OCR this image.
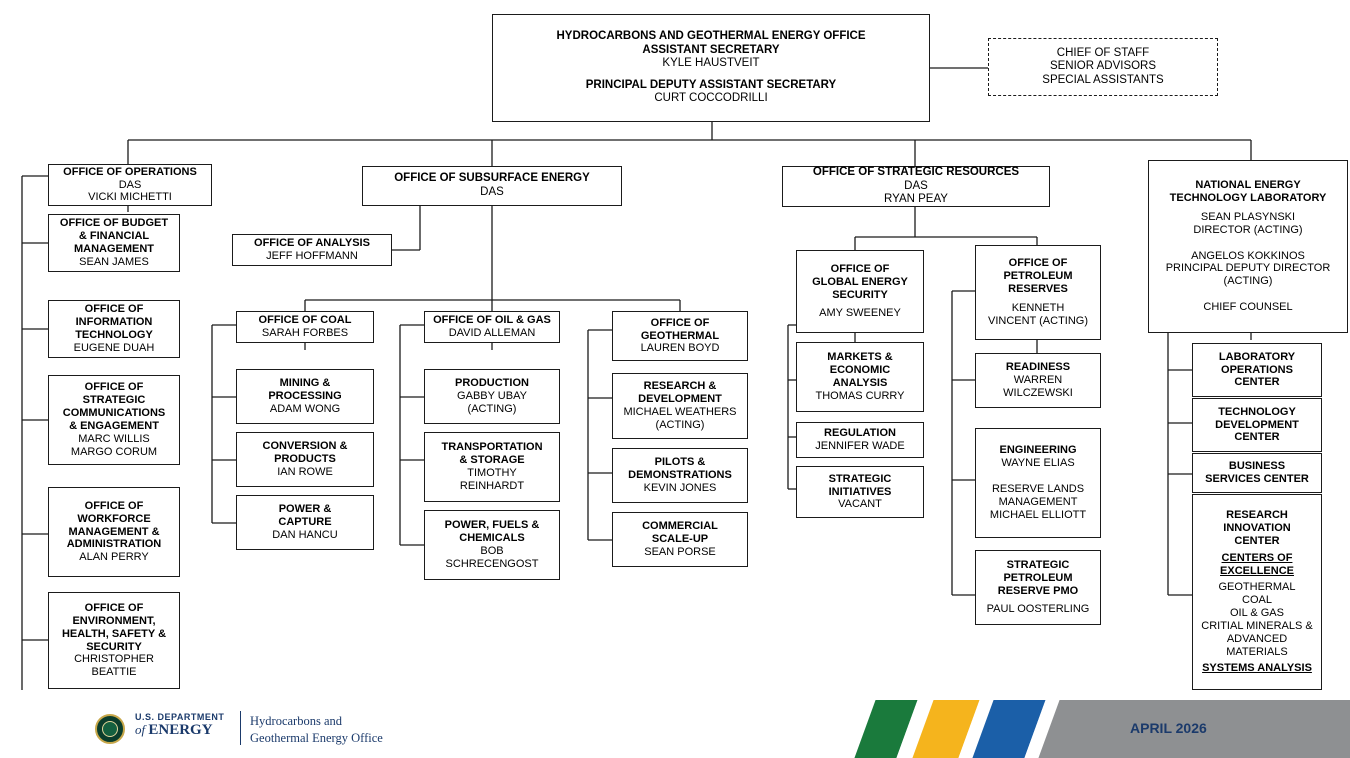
HYDROCARBONS AND GEOTHERMAL ENERGY OFFICE
ASSISTANT SECRETARY
KYLE HAUSTVEIT
PRINCIPAL DEPUTY ASSISTANT SECRETARY
CURT COCCODRILLI
CHIEF OF STAFF
SENIOR ADVISORS
SPECIAL ASSISTANTS
OFFICE OF OPERATIONS
DAS
VICKI MICHETTI
OFFICE OF BUDGET
& FINANCIAL
MANAGEMENT
SEAN JAMES
OFFICE OF
INFORMATION
TECHNOLOGY
EUGENE DUAH
OFFICE OF
STRATEGIC
COMMUNICATIONS
& ENGAGEMENT
MARC WILLIS
MARGO CORUM
OFFICE OF
WORKFORCE
MANAGEMENT &
ADMINISTRATION
ALAN PERRY
OFFICE OF
ENVIRONMENT,
HEALTH, SAFETY &
SECURITY
CHRISTOPHER
BEATTIE
OFFICE OF SUBSURFACE ENERGY
DAS
OFFICE OF ANALYSIS
JEFF HOFFMANN
OFFICE OF COAL
SARAH FORBES
MINING &
PROCESSING
ADAM WONG
CONVERSION &
PRODUCTS
IAN ROWE
POWER &
CAPTURE
DAN HANCU
OFFICE OF OIL & GAS
DAVID ALLEMAN
PRODUCTION
GABBY UBAY
(ACTING)
TRANSPORTATION
& STORAGE
TIMOTHY
REINHARDT
POWER, FUELS &
CHEMICALS
BOB
SCHRECENGOST
OFFICE OF
GEOTHERMAL
LAUREN BOYD
RESEARCH &
DEVELOPMENT
MICHAEL WEATHERS
(ACTING)
PILOTS &
DEMONSTRATIONS
KEVIN JONES
COMMERCIAL
SCALE-UP
SEAN PORSE
OFFICE OF STRATEGIC RESOURCES
DAS
RYAN PEAY
OFFICE OF
GLOBAL ENERGY
SECURITY
AMY SWEENEY
MARKETS &
ECONOMIC
ANALYSIS
THOMAS CURRY
REGULATION
JENNIFER WADE
STRATEGIC
INITIATIVES
VACANT
OFFICE OF
PETROLEUM
RESERVES
KENNETH
VINCENT (ACTING)
READINESS
WARREN
WILCZEWSKI
ENGINEERING
WAYNE ELIAS
RESERVE LANDS
MANAGEMENT
MICHAEL ELLIOTT
STRATEGIC
PETROLEUM
RESERVE PMO
PAUL OOSTERLING
NATIONAL ENERGY
TECHNOLOGY LABORATORY
SEAN PLASYNSKI
DIRECTOR (ACTING)
ANGELOS KOKKINOS
PRINCIPAL DEPUTY DIRECTOR
(ACTING)
CHIEF COUNSEL
LABORATORY
OPERATIONS
CENTER
TECHNOLOGY
DEVELOPMENT
CENTER
BUSINESS
SERVICES CENTER
RESEARCH
INNOVATION
CENTER
CENTERS OF
EXCELLENCE
GEOTHERMAL
COAL
OIL & GAS
CRITIAL MINERALS &
ADVANCED
MATERIALS
SYSTEMS ANALYSIS
U.S. DEPARTMENT
of ENERGY
Hydrocarbons and
Geothermal Energy Office
APRIL 2026
